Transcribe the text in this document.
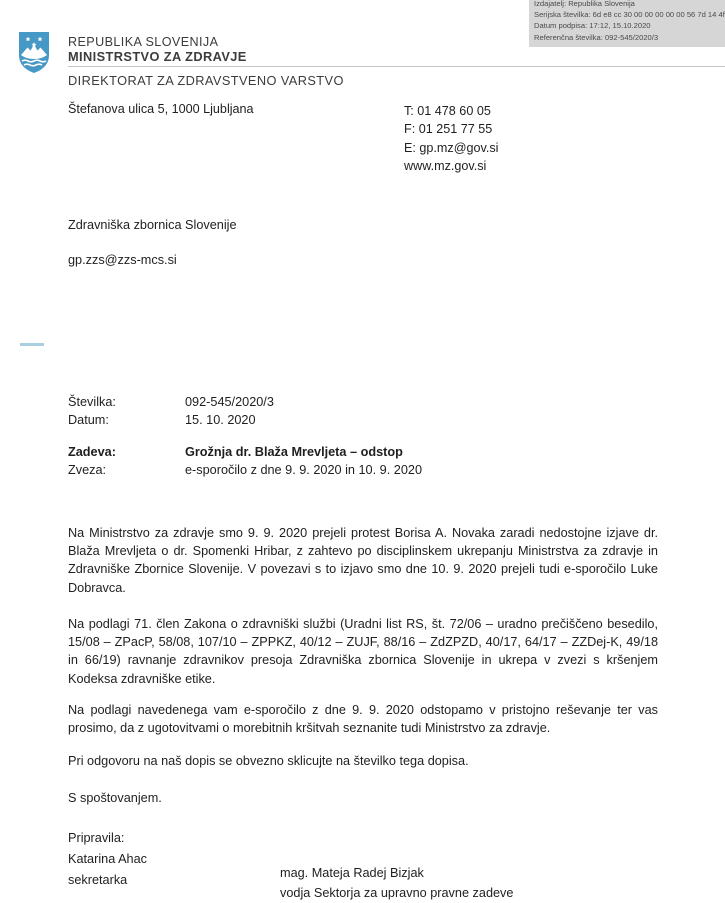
Izdajatelj: Republika Slovenija
Serijska številka: 6d e8 cc 30 00 00 00 00 00 56 7d 14 4f
Datum podpisa: 17:12, 15.10.2020
Referenčna številka: 092-545/2020/3
REPUBLIKA SLOVENIJA
MINISTRSTVO ZA ZDRAVJE
DIREKTORAT ZA ZDRAVSTVENO VARSTVO
Štefanova ulica 5, 1000 Ljubljana	T: 01 478 60 05
F: 01 251 77 55
E: gp.mz@gov.si
www.mz.gov.si
Zdravniška zbornica Slovenije
gp.zzs@zzs-mcs.si
Številka:	092-545/2020/3
Datum:	15. 10. 2020
Zadeva:	Grožnja dr. Blaža Mrevljeta – odstop
Zveza:	e-sporočilo z dne 9. 9. 2020 in 10. 9. 2020

Na Ministrstvo za zdravje smo 9. 9. 2020 prejeli protest Borisa A. Novaka zaradi nedostojne izjave dr. Blaža Mrevljeta o dr. Spomenki Hribar, z zahtevo po disciplinskem ukrepanju Ministrstva za zdravje in Zdravniške Zbornice Slovenije. V povezavi s to izjavo smo dne 10. 9. 2020 prejeli tudi e-sporočilo Luke Dobravca.

Na podlagi 71. člen Zakona o zdravniški službi (Uradni list RS, št. 72/06 – uradno prečiščeno besedilo, 15/08 – ZPacP, 58/08, 107/10 – ZPPKZ, 40/12 – ZUJF, 88/16 – ZdZPZD, 40/17, 64/17 – ZZDej-K, 49/18 in 66/19) ravnanje zdravnikov presoja Zdravniška zbornica Slovenije in ukrepa v zvezi s kršenjem Kodeksa zdravniške etike.

Na podlagi navedenega vam e-sporočilo z dne 9. 9. 2020 odstopamo v pristojno reševanje ter vas prosimo, da z ugotovitvami o morebitnih kršitvah seznanite tudi Ministrstvo za zdravje.

Pri odgovoru na naš dopis se obvezno sklicujte na številko tega dopisa.

S spoštovanjem.

Pripravila:
Katarina Ahac
sekretarka	mag. Mateja Radej Bizjak
vodja Sektorja za upravno pravne zadeve
